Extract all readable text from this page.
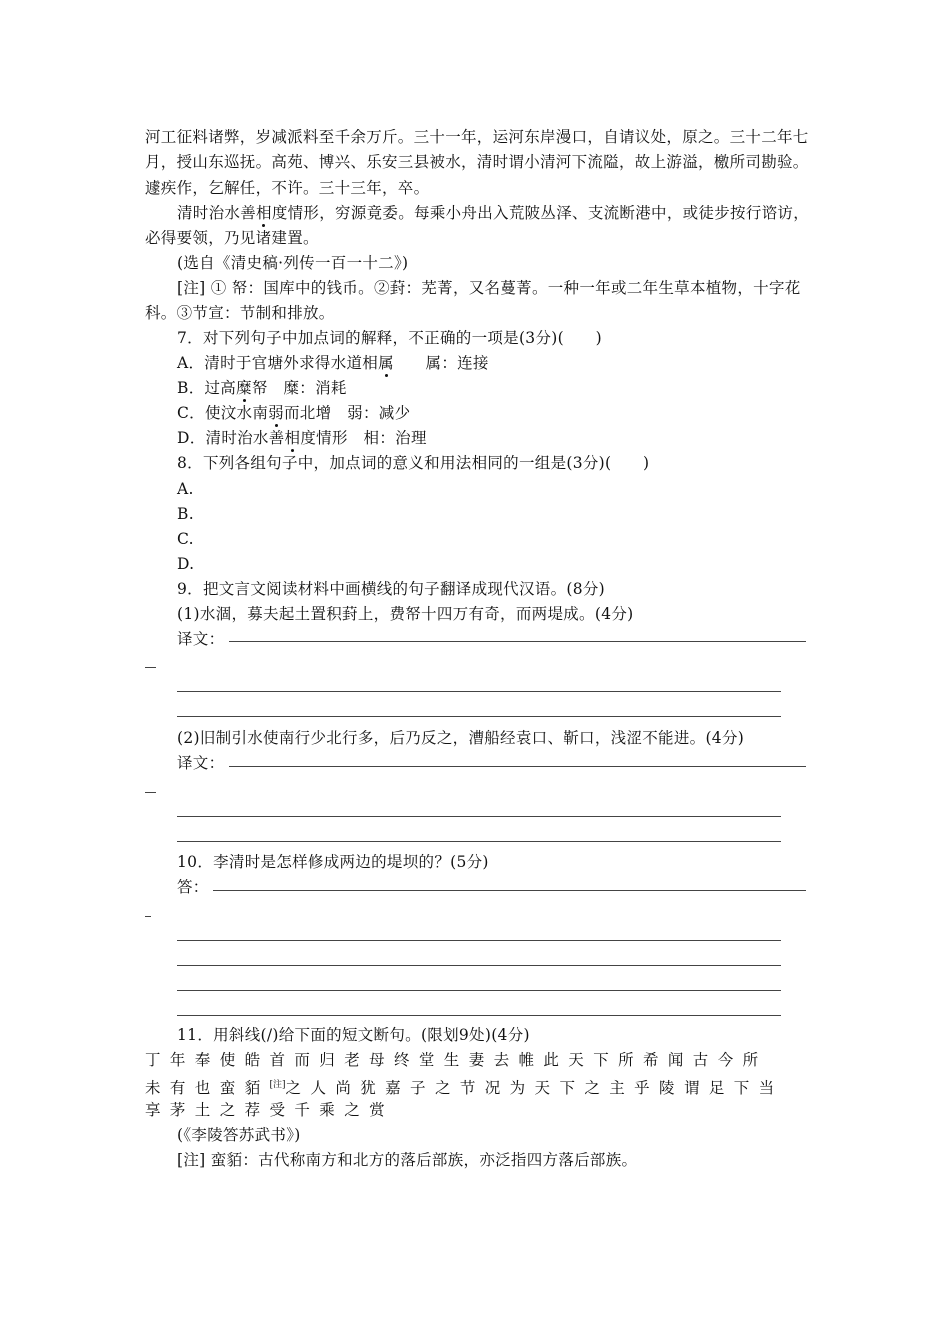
河工征料诸弊，岁减派料至千余万斤。三十一年，运河东岸漫口，自请议处，原之。三十二年七
月，授山东巡抚。高苑、博兴、乐安三县被水，清时谓小清河下流隘，故上游溢，檄所司勘验。
遽疾作，乞解任，不许。三十三年，卒。
清时治水善相度情形，穷源竟委。每乘小舟出入荒陂丛泽、支流断港中，或徒步按行谘访，
必得要领，乃见诸建置。
(选自《清史稿·列传一百一十二》)
[注] ① 帑：国库中的钱币。②葑：芜菁，又名蔓菁。一种一年或二年生草本植物，十字花
科。③节宣：节制和排放。
7．对下列句子中加点词的解释，不正确的一项是(3分)(　　)
A．清时于官塘外求得水道相属　　属：连接
B．过高糜帑　糜：消耗
C．使汶水南弱而北增　弱：减少
D．清时治水善相度情形　相：治理
8．下列各组句子中，加点词的意义和用法相同的一组是(3分)(　　)
A.
B.
C.
D.
9．把文言文阅读材料中画横线的句子翻译成现代汉语。(8分)
(1)水涸，募夫起土置积葑上，费帑十四万有奇，而两堤成。(4分)
译文：
(2)旧制引水使南行少北行多，后乃反之，漕船经袁口、靳口，浅涩不能进。(4分)
译文：
10．李清时是怎样修成两边的堤坝的？(5分)
答：
11．用斜线(/)给下面的短文断句。(限划9处)(4分)
丁年奉使皓首而归老母终堂生妻去帷此天下所希闻古今所
未有也蛮貊[注]之人尚犹嘉子之节况为天下之主乎陵谓足下当
享茅土之荐受千乘之赏
(《李陵答苏武书》)
[注] 蛮貊：古代称南方和北方的落后部族，亦泛指四方落后部族。
